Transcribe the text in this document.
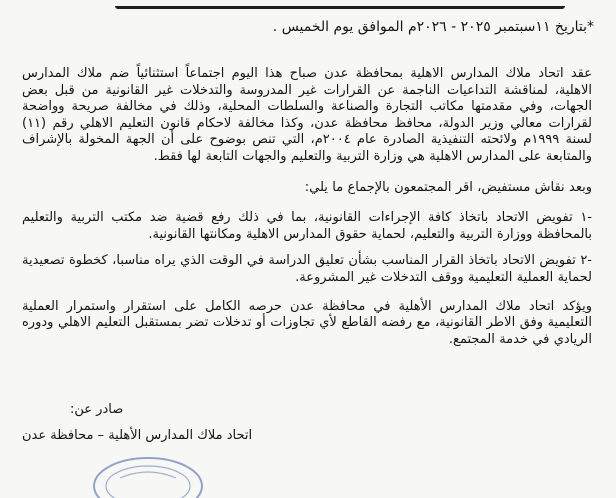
*بتاريخ ١١سبتمبر ٢٠٢٥ - ٢٠٢٦م الموافق يوم الخميس .

عقد اتحاد ملاك المدارس الاهلية بمحافظة عدن صباح هذا اليوم اجتماعاً استثنائياً ضم ملاك المدارس الاهلية، لمناقشة التداعيات الناجمة عن القرارات غير المدروسة والتدخلات غير القانونية من قبل بعض الجهات، وفي مقدمتها مكاتب التجارة والصناعة والسلطات المحلية، وذلك في مخالفة صريحة وواضحة لقرارات معالي وزير الدولة، محافظ محافظة عدن، وكذا مخالفة لاحكام قانون التعليم الاهلي رقم (١١) لسنة ١٩٩٩م ولائحته التنفيذية الصادرة عام ٢٠٠٤م، التي تنص بوضوح على أن الجهة المخولة بالإشراف والمتابعة على المدارس الاهلية هي وزارة التربية والتعليم والجهات التابعة لها فقط.

وبعد نقاش مستفيض، اقر المجتمعون بالإجماع ما يلي:

-١ تفويض الاتحاد باتخاذ كافة الإجراءات القانونية، بما في ذلك رفع قضية ضد مكتب التربية والتعليم بالمحافظة ووزارة التربية والتعليم، لحماية حقوق المدارس الاهلية ومكانتها القانونية.

-٢ تفويض الاتحاد باتخاذ القرار المناسب بشأن تعليق الدراسة في الوقت الذي يراه مناسبا، كخطوة تصعيدية لحماية العملية التعليمية ووقف التدخلات غير المشروعة.

ويؤكد اتحاد ملاك المدارس الأهلية في محافظة عدن حرصه الكامل على استقرار واستمرار العملية التعليمية وفق الاطر القانونية، مع رفضه القاطع لأي تجاوزات أو تدخلات تضر بمستقبل التعليم الاهلي ودوره الريادي في خدمة المجتمع.

صادر عن:
اتحاد ملاك المدارس الأهلية – محافظة عدن
